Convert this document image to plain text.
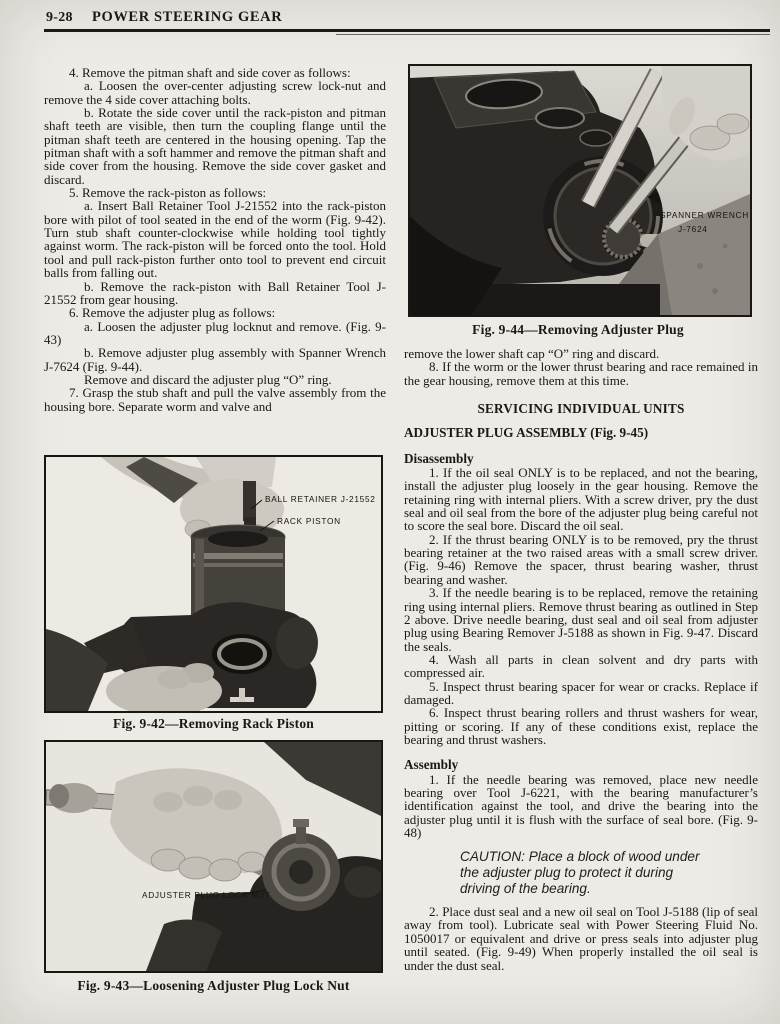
9-28 POWER STEERING GEAR

4. Remove the pitman shaft and side cover as follows:

a. Loosen the over-center adjusting screw lock-nut and remove the 4 side cover attaching bolts.

b. Rotate the side cover until the rack-piston and pitman shaft teeth are visible, then turn the coupling flange until the pitman shaft teeth are centered in the housing opening. Tap the pitman shaft with a soft hammer and remove the pitman shaft and side cover from the housing. Remove the side cover gasket and discard.

5. Remove the rack-piston as follows:

a. Insert Ball Retainer Tool J-21552 into the rack-piston bore with pilot of tool seated in the end of the worm (Fig. 9-42). Turn stub shaft counter-clockwise while holding tool tightly against worm. The rack-piston will be forced onto the tool. Hold tool and pull rack-piston further onto tool to prevent end circuit balls from falling out.

b. Remove the rack-piston with Ball Retainer Tool J-21552 from gear housing.

6. Remove the adjuster plug as follows:

a. Loosen the adjuster plug locknut and remove. (Fig. 9-43)

b. Remove adjuster plug assembly with Spanner Wrench J-7624 (Fig. 9-44).

Remove and discard the adjuster plug “O” ring.

7. Grasp the stub shaft and pull the valve assembly from the housing bore. Separate worm and valve and

BALL RETAINER J-21552
RACK PISTON
Fig. 9-42—Removing Rack Piston
ADJUSTER PLUG LOCK NUT
Fig. 9-43—Loosening Adjuster Plug Lock Nut
SPANNER WRENCH
J-7624
Fig. 9-44—Removing Adjuster Plug

remove the lower shaft cap “O” ring and discard.

8. If the worm or the lower thrust bearing and race remained in the gear housing, remove them at this time.

SERVICING INDIVIDUAL UNITS
ADJUSTER PLUG ASSEMBLY (Fig. 9-45)
Disassembly

1. If the oil seal ONLY is to be replaced, and not the bearing, install the adjuster plug loosely in the gear housing. Remove the retaining ring with internal pliers. With a screw driver, pry the dust seal and oil seal from the bore of the adjuster plug being careful not to score the seal bore. Discard the oil seal.

2. If the thrust bearing ONLY is to be removed, pry the thrust bearing retainer at the two raised areas with a small screw driver. (Fig. 9-46) Remove the spacer, thrust bearing washer, thrust bearing and washer.

3. If the needle bearing is to be replaced, remove the retaining ring using internal pliers. Remove thrust bearing as outlined in Step 2 above. Drive needle bearing, dust seal and oil seal from adjuster plug using Bearing Remover J-5188 as shown in Fig. 9-47. Discard the seals.

4. Wash all parts in clean solvent and dry parts with compressed air.

5. Inspect thrust bearing spacer for wear or cracks. Replace if damaged.

6. Inspect thrust bearing rollers and thrust washers for wear, pitting or scoring. If any of these conditions exist, replace the bearing and thrust washers.

Assembly

1. If the needle bearing was removed, place new needle bearing over Tool J-6221, with the bearing manufacturer’s identification against the tool, and drive the bearing into the adjuster plug until it is flush with the surface of seal bore. (Fig. 9-48)

CAUTION: Place a block of wood under the adjuster plug to protect it during driving of the bearing.

2. Place dust seal and a new oil seal on Tool J-5188 (lip of seal away from tool). Lubricate seal with Power Steering Fluid No. 1050017 or equivalent and drive or press seals into adjuster plug until seated. (Fig. 9-49) When properly installed the oil seal is under the dust seal.
